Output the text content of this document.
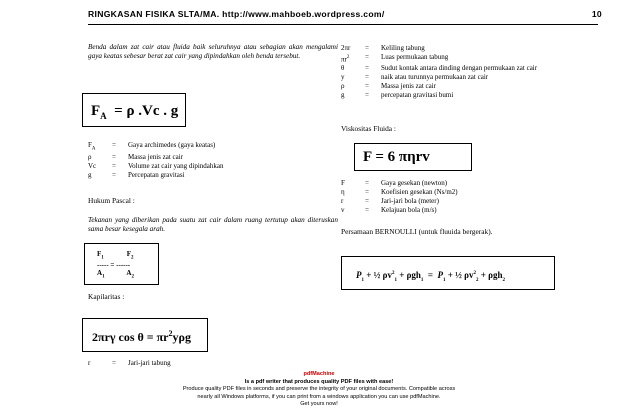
RINGKASAN FISIKA SLTA/MA. http://www.mahboeb.wordpress.com/	10
Benda dalam zat cair atau fluida baik seluruhnya atau sebagian akan mengalami gaya keatas sebesar berat zat cair yang dipindahkan oleh benda tersebut.
$F_A = \rho$ .Vc . g
$F_A$	=	Gaya archimedes (gaya keatas)
ρ	=	Massa jenis zat cair
Vc	=	Volume zat cair yang dipindahkan
g	=	Percepatan gravitasi
Hukum Pascal :
Tekanan yang diberikan pada suatu zat cair dalam ruang tertutup akan diteruskan sama besar kesegala arah.
$F_1$	$F_2$
----- = ------
$A_1$	$A_2$
Kapilaritas :
2πrγ $\cos \theta = \pi r^2y\rho g$
r	=	Jari-jari tabung
2πr	=	Keliling tabung
$\pi r^2$	=	Luas permukaan tabung
θ	=	Sudut kontak antara dinding dengan permukaan zat cair
y	=	naik atau turunnya permukaan zat cair
ρ	=	Massa jenis zat cair
g	=	percepatan gravitasi bumi
Viskositas Fluida :
F = 6 πηrv
F	=	Gaya gesekan (newton)
η	=	Koefisien gesekan (Ns/m2)
r	=	Jari-jari bola (meter)
v	=	Kelajuan bola (m/s)
Persamaan BERNOULLI (untuk fluuida bergerak).
$P_1$ + ½ $\rho v^2_1 + \rho gh_1 = P_1$ + ½ $\rho v^2_2 + \rho gh_2$
pdfMachine
Is a pdf writer that produces quality PDF files with ease!
Produce quality PDF files in seconds and preserve the integrity of your original documents. Compatible across
nearly all Windows platforms, if you can print from a windows application you can use pdfMachine.
Get yours now!
